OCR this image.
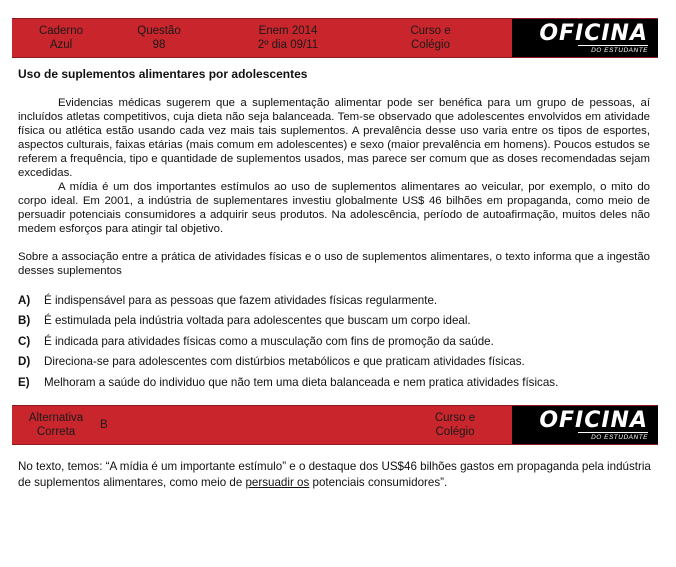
Caderno
Azul
Questão
98
Enem 2014
2º dia 09/11
Curso e
Colégio	OFICINA
DO ESTUDANTE
Uso de suplementos alimentares por adolescentes

Evidencias médicas sugerem que a suplementação alimentar pode ser benéfica para um grupo de pessoas, aí incluídos atletas competitivos, cuja dieta não seja balanceada. Tem-se observado que adolescentes envolvidos em atividade física ou atlética estão usando cada vez mais tais suplementos. A prevalência desse uso varia entre os tipos de esportes, aspectos culturais, faixas etárias (mais comum em adolescentes) e sexo (maior prevalência em homens). Poucos estudos se referem a frequência, tipo e quantidade de suplementos usados, mas parece ser comum que as doses recomendadas sejam excedidas.

A mídia é um dos importantes estímulos ao uso de suplementos alimentares ao veicular, por exemplo, o mito do corpo ideal. Em 2001, a indústria de suplementares investiu globalmente US$ 46 bilhões em propaganda, como meio de persuadir potenciais consumidores a adquirir seus produtos. Na adolescência, período de autoafirmação, muitos deles não medem esforços para atingir tal objetivo.

Sobre a associação entre a prática de atividades físicas e o uso de suplementos alimentares, o texto informa que a ingestão desses suplementos

A)	É indispensável para as pessoas que fazem atividades físicas regularmente.
B)	É estimulada pela indústria voltada para adolescentes que buscam um corpo ideal.
C)	É indicada para atividades físicas como a musculação com fins de promoção da saúde.
D)	Direciona-se para adolescentes com distúrbios metabólicos e que praticam atividades físicas.
E)	Melhoram a saúde do individuo que não tem uma dieta balanceada e nem pratica atividades físicas.
Alternativa
Correta
B
Curso e
Colégio	OFICINA
DO ESTUDANTE

No texto, temos: “A mídia é um importante estímulo” e o destaque dos US$46 bilhões gastos em propaganda pela indústria de suplementos alimentares, como meio de persuadir os potenciais consumidores”.
